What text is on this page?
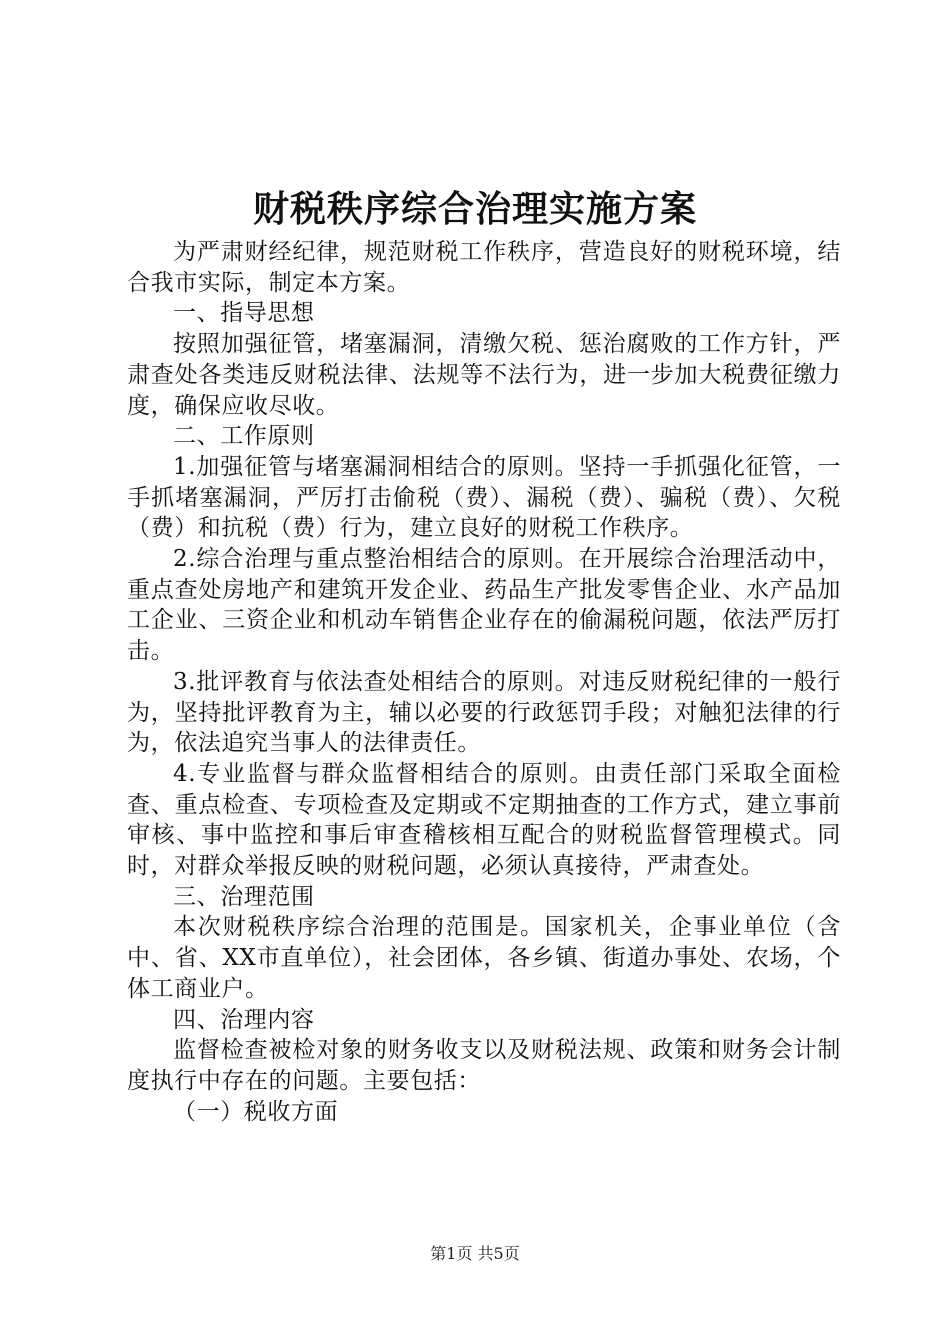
财税秩序综合治理实施方案

为严肃财经纪律，规范财税工作秩序，营造良好的财税环境，结合我市实际，制定本方案。

一、指导思想

按照加强征管，堵塞漏洞，清缴欠税、惩治腐败的工作方针，严肃查处各类违反财税法律、法规等不法行为，进一步加大税费征缴力度，确保应收尽收。

二、工作原则

1.加强征管与堵塞漏洞相结合的原则。坚持一手抓强化征管，一手抓堵塞漏洞，严厉打击偷税（费）、漏税（费）、骗税（费）、欠税（费）和抗税（费）行为，建立良好的财税工作秩序。

2.综合治理与重点整治相结合的原则。在开展综合治理活动中，重点查处房地产和建筑开发企业、药品生产批发零售企业、水产品加工企业、三资企业和机动车销售企业存在的偷漏税问题，依法严厉打击。

3.批评教育与依法查处相结合的原则。对违反财税纪律的一般行为，坚持批评教育为主，辅以必要的行政惩罚手段；对触犯法律的行为，依法追究当事人的法律责任。

4.专业监督与群众监督相结合的原则。由责任部门采取全面检查、重点检查、专项检查及定期或不定期抽查的工作方式，建立事前审核、事中监控和事后审查稽核相互配合的财税监督管理模式。同时，对群众举报反映的财税问题，必须认真接待，严肃查处。

三、治理范围

本次财税秩序综合治理的范围是。国家机关，企事业单位（含中、省、XX市直单位），社会团体，各乡镇、街道办事处、农场，个体工商业户。

四、治理内容

监督检查被检对象的财务收支以及财税法规、政策和财务会计制度执行中存在的问题。主要包括：

（一）税收方面

第1页 共5页
